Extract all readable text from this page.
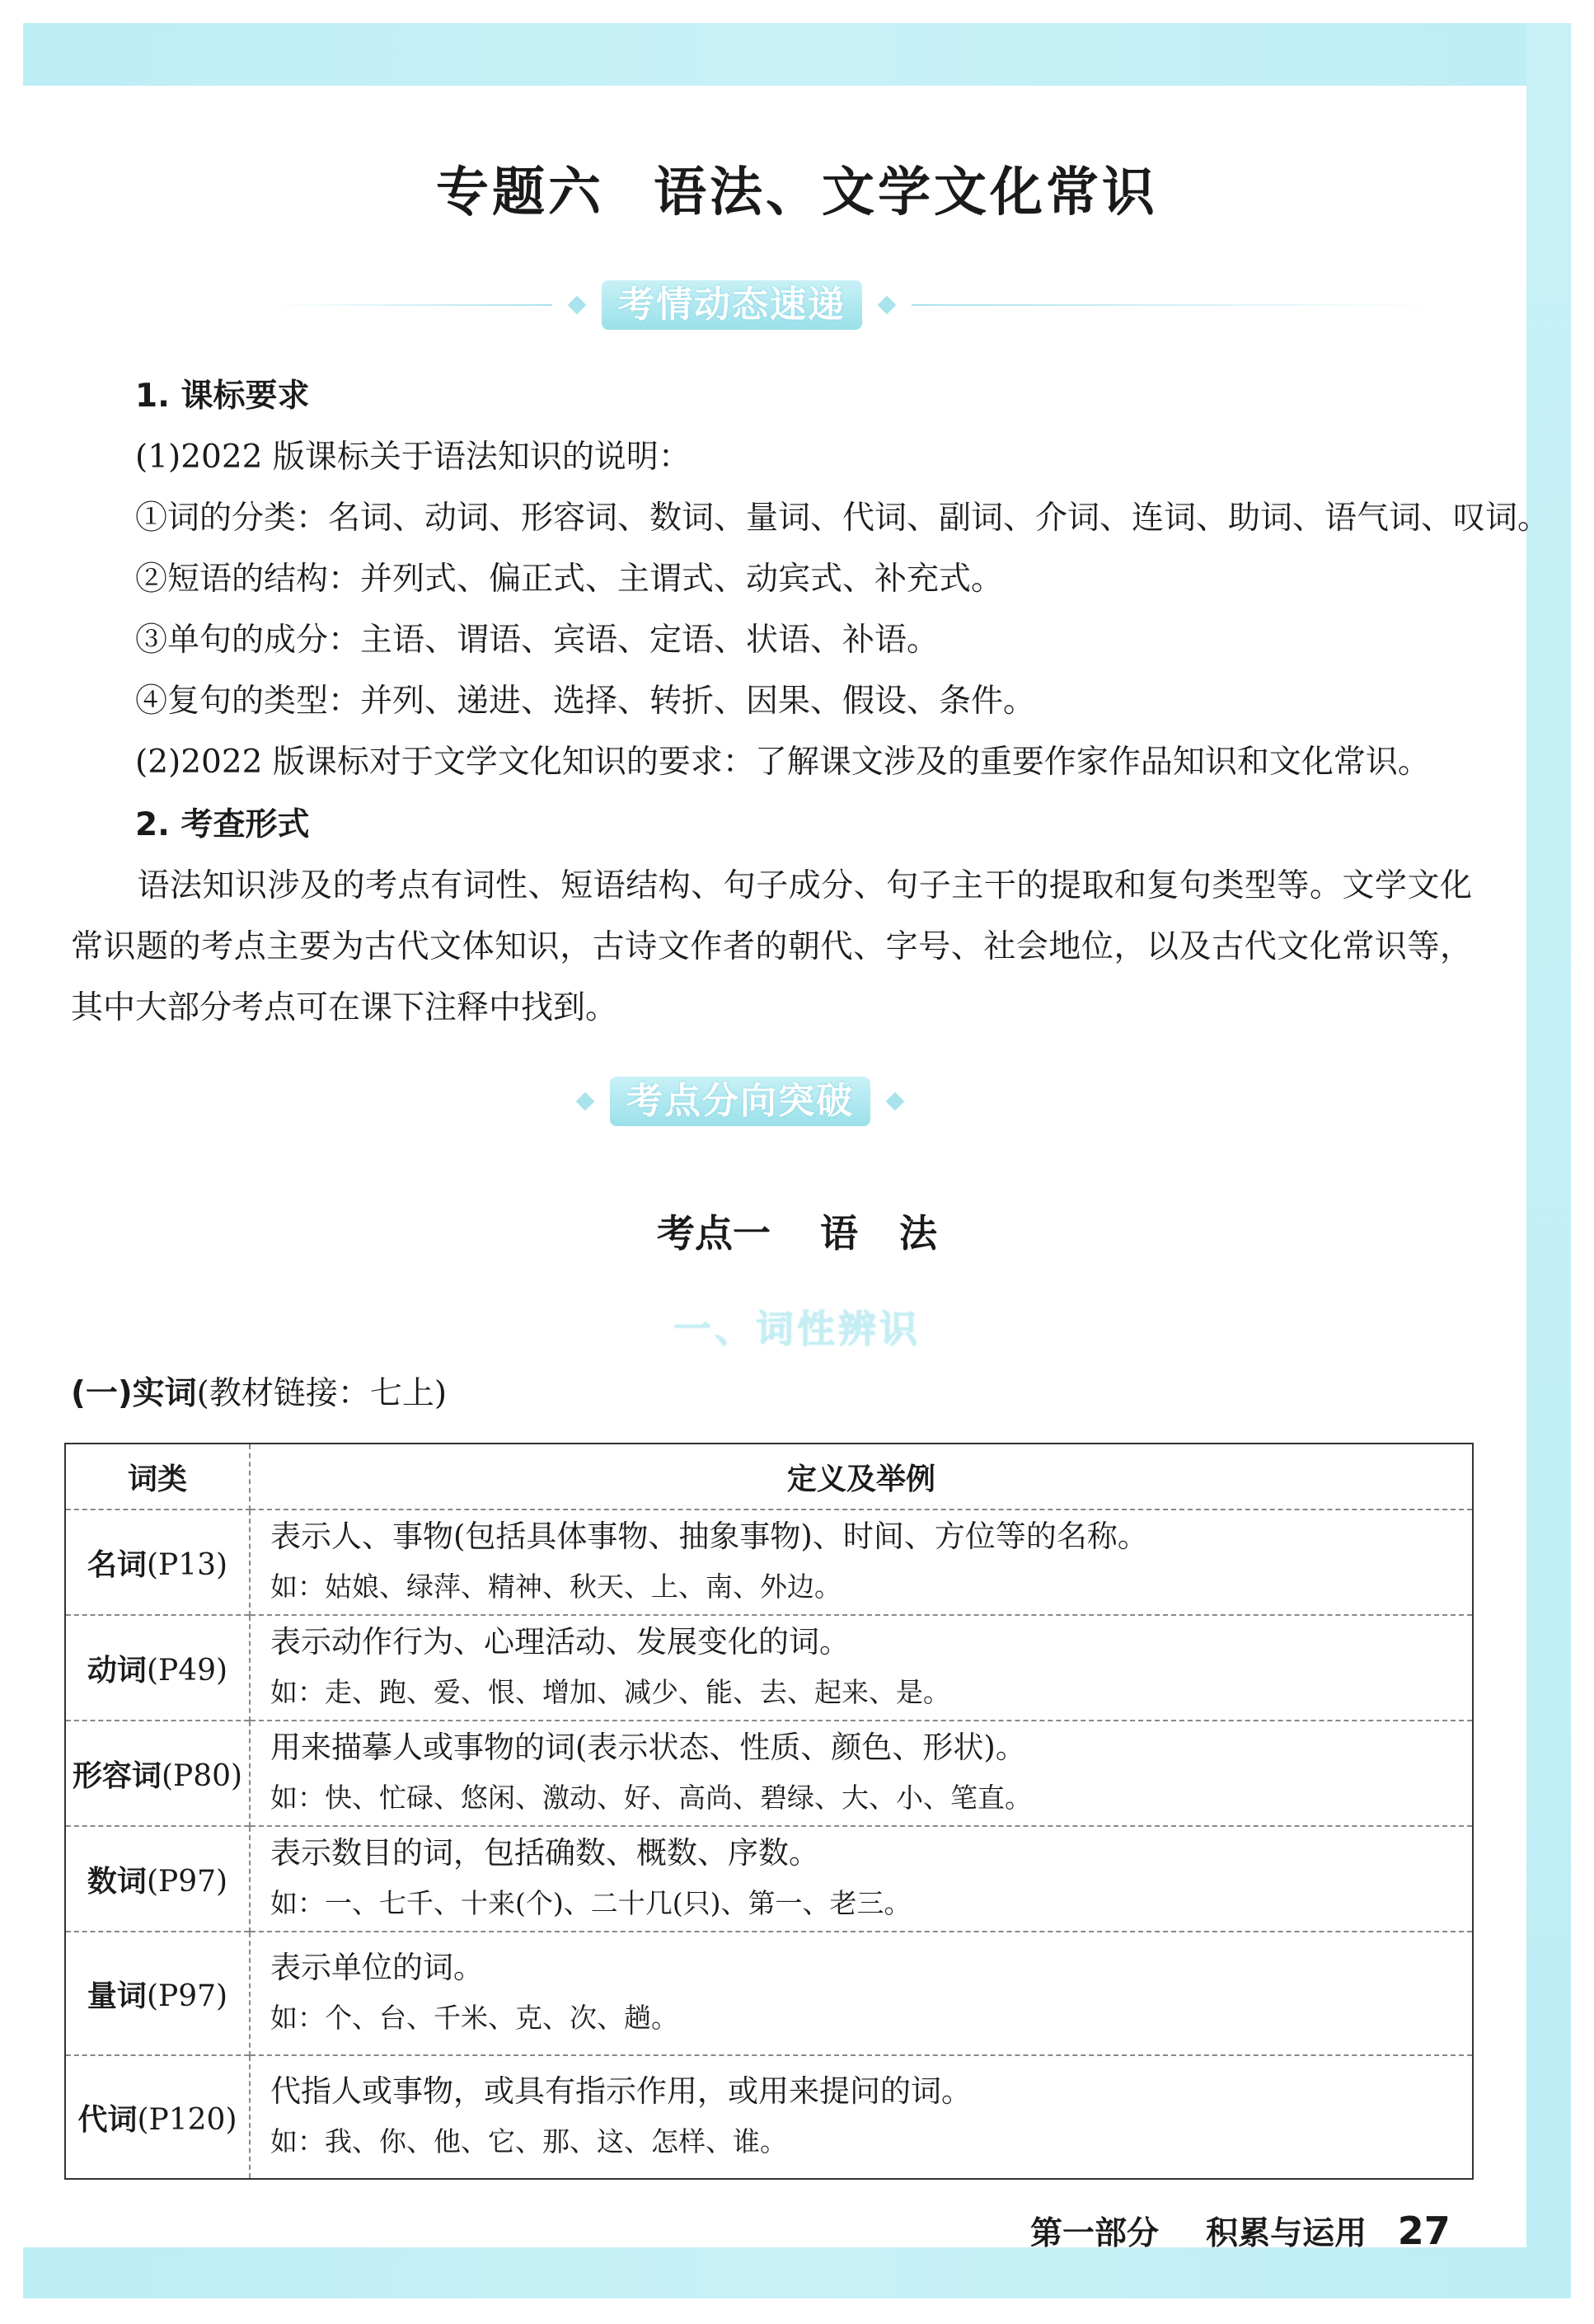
专题六 语法、文学文化常识
考情动态速递
1. 课标要求
(1)2022 版课标关于语法知识的说明：
①词的分类：名词、动词、形容词、数词、量词、代词、副词、介词、连词、助词、语气词、叹词。
②短语的结构：并列式、偏正式、主谓式、动宾式、补充式。
③单句的成分：主语、谓语、宾语、定语、状语、补语。
④复句的类型：并列、递进、选择、转折、因果、假设、条件。
(2)2022 版课标对于文学文化知识的要求：了解课文涉及的重要作家作品知识和文化常识。
2. 考查形式
语法知识涉及的考点有词性、短语结构、句子成分、句子主干的提取和复句类型等。文学文化常识题的考点主要为古代文体知识，古诗文作者的朝代、字号、社会地位，以及古代文化常识等，其中大部分考点可在课下注释中找到。
考点分向突破
考点一 语 法
一、词性辨识
(一)实词(教材链接：七上)
词类	定义及举例
名词(P13)	表示人、事物(包括具体事物、抽象事物)、时间、方位等的名称。
如：姑娘、绿萍、精神、秋天、上、南、外边。

动词(P49)	表示动作行为、心理活动、发展变化的词。
如：走、跑、爱、恨、增加、减少、能、去、起来、是。

形容词(P80)	用来描摹人或事物的词(表示状态、性质、颜色、形状)。
如：快、忙碌、悠闲、激动、好、高尚、碧绿、大、小、笔直。

数词(P97)	表示数目的词，包括确数、概数、序数。
如：一、七千、十来(个)、二十几(只)、第一、老三。

量词(P97)	表示单位的词。
如：个、台、千米、克、次、趟。

代词(P120)	代指人或事物，或具有指示作用，或用来提问的词。
如：我、你、他、它、那、这、怎样、谁。
第一部分 积累与运用 27
